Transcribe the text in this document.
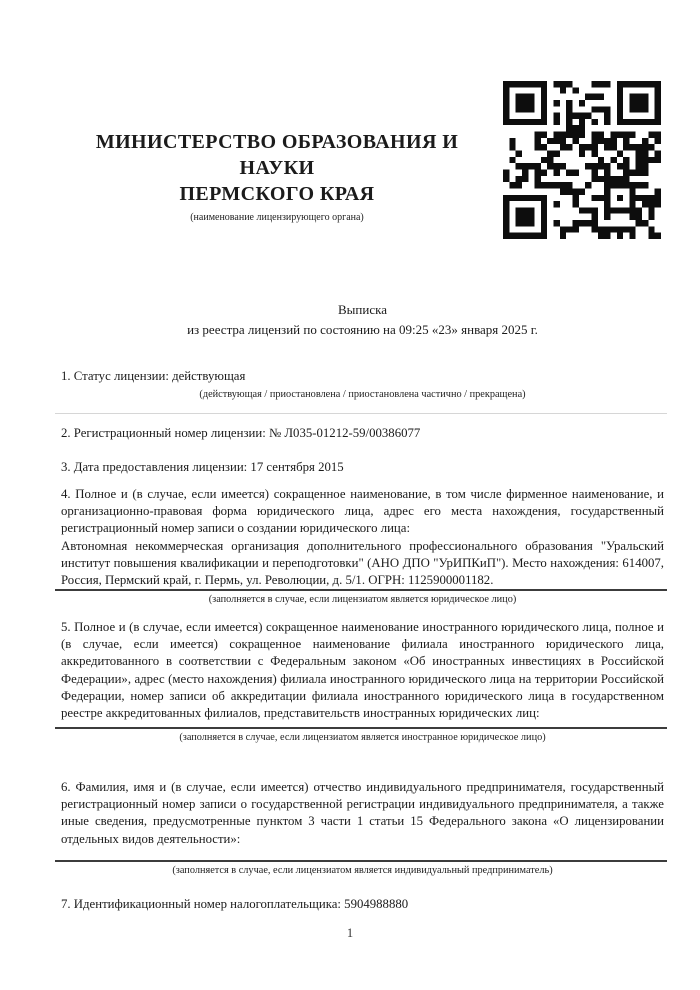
МИНИСТЕРСТВО ОБРАЗОВАНИЯ И НАУКИ
ПЕРМСКОГО КРАЯ
(наименование лицензирующего органа)
Выписка
из реестра лицензий по состоянию на 09:25 «23» января 2025 г.
1. Статус лицензии: действующая
(действующая / приостановлена / приостановлена частично / прекращена)
2. Регистрационный номер лицензии: № Л035-01212-59/00386077
3. Дата предоставления лицензии: 17 сентября 2015
4. Полное и (в случае, если имеется) сокращенное наименование, в том числе фирменное наименование, и организационно-правовая форма юридического лица, адрес его места нахождения, государственный регистрационный номер записи о создании юридического лица:
Автономная некоммерческая организация дополнительного профессионального образования "Уральский институт повышения квалификации и переподготовки" (АНО ДПО "УрИПКиП"). Место нахождения: 614007, Россия, Пермский край, г. Пермь, ул. Революции, д. 5/1. ОГРН: 1125900001182.
(заполняется в случае, если лицензиатом является юридическое лицо)
5. Полное и (в случае, если имеется) сокращенное наименование иностранного юридического лица, полное и (в случае, если имеется) сокращенное наименование филиала иностранного юридического лица, аккредитованного в соответствии с Федеральным законом «Об иностранных инвестициях в Российской Федерации», адрес (место нахождения) филиала иностранного юридического лица на территории Российской Федерации, номер записи об аккредитации филиала иностранного юридического лица в государственном реестре аккредитованных филиалов, представительств иностранных юридических лиц:
(заполняется в случае, если лицензиатом является иностранное юридическое лицо)
6. Фамилия, имя и (в случае, если имеется) отчество индивидуального предпринимателя, государственный регистрационный номер записи о государственной регистрации индивидуального предпринимателя, а также иные сведения, предусмотренные пунктом 3 части 1 статьи 15 Федерального закона «О лицензировании отдельных видов деятельности»:
(заполняется в случае, если лицензиатом является индивидуальный предприниматель)
7. Идентификационный номер налогоплательщика: 5904988880
1
